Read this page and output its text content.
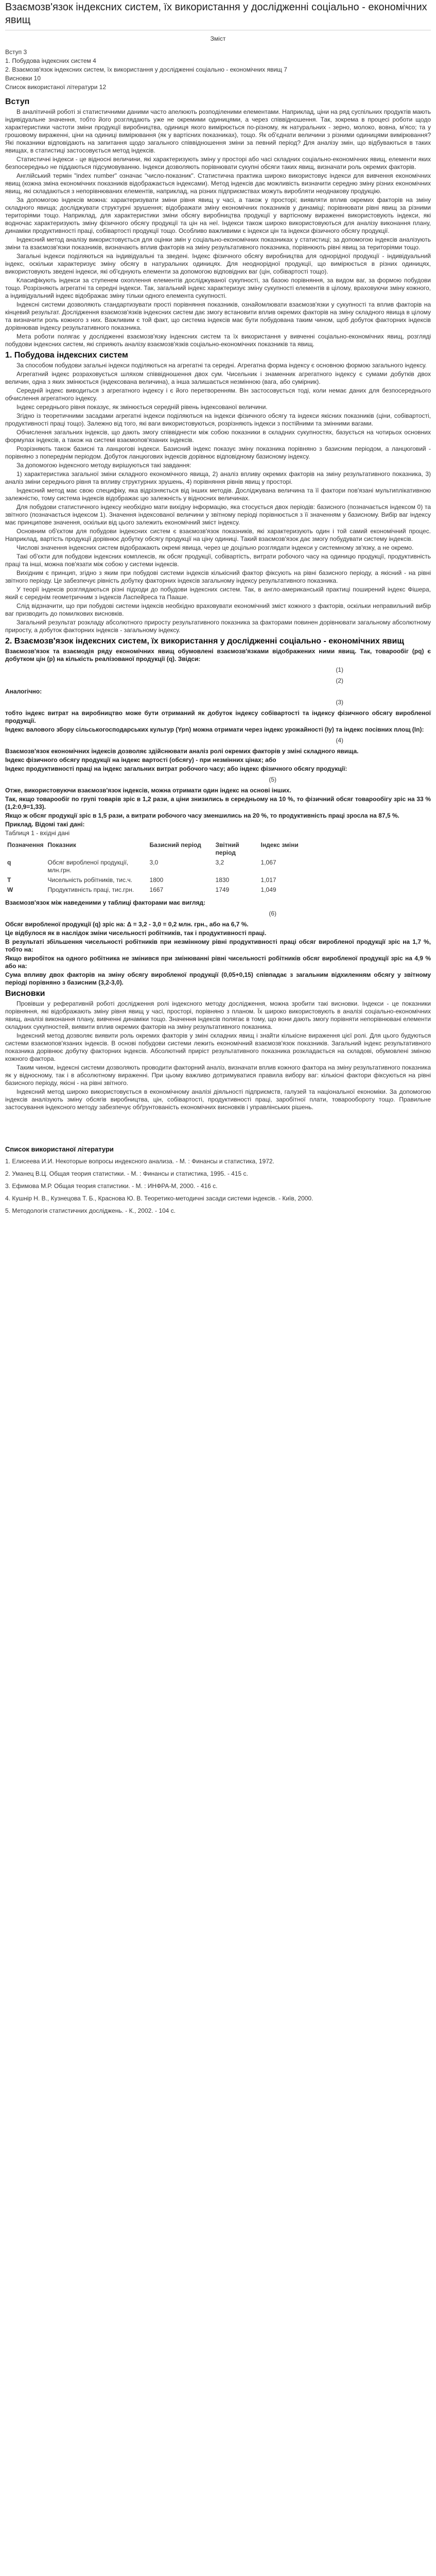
Взаємозв'язок індексних систем, їх використання у дослідженні соціально - економічних явищ
Зміст

Вступ 3

1. Побудова індексних систем 4

2. Взаємозв'язок індексних систем, їх використання у дослідженні соціально - економічних явищ 7

Висновки 10

Список використаної літератури 12

Вступ

В аналітичній роботі зі статистичними даними часто апелюють розподіленими елементами. Наприклад, ціни на ряд суспільних продуктів мають індивідуальне значення, тобто його розглядають уже не окремими одиницями, а через співвідношення. Так, зокрема в процесі роботи щодо характеристики частоти зміни продукції виробництва, одиниця якого вимірюється по-різному, як натуральних - зерно, молоко, вовна, м'ясо; та у грошовому вираженні, ціни на одиниці вимірювання (як у вартісних показниках), тощо. Як об'єднати величини з різними одиницями вимірювання? Які показники відповідають на запитання щодо загального співвідношення зміни за певний період? Для аналізу змін, що відбуваються в таких явищах, в статистиці застосовується метод індексів.

Статистичні індекси - це відносні величини, які характеризують зміну у просторі або часі складних соціально-економічних явищ, елементи яких безпосередньо не піддаються підсумовуванню. Індекси дозволяють порівнювати сукупні обсяги таких явищ, визначати роль окремих факторів.

Англійський термін "index number" означає "число-показник". Статистична практика широко використовує індекси для вивчення економічних явищ (кожна зміна економічних показників відображається індексами). Метод індексів дає можливість визначити середню зміну різних економічних явищ, які складаються з непорівнюваних елементів, наприклад, на різних підприємствах можуть виробляти неоднакову продукцію.

За допомогою індексів можна: характеризувати зміни рівня явищ у часі, а також у просторі; виявляти вплив окремих факторів на зміну складного явища; досліджувати структурні зрушення; відображати зміну економічних показників у динаміці; порівнювати рівні явищ за різними територіями тощо. Наприклад, для характеристики зміни обсягу виробництва продукції у вартісному вираженні використовують індекси, які водночас характеризують зміну фізичного обсягу продукції та цін на неї. Індекси також широко використовуються для аналізу виконання плану, динаміки продуктивності праці, собівартості продукції тощо. Особливо важливими є індекси цін та індекси фізичного обсягу продукції.

Індексний метод аналізу використовується для оцінки змін у соціально-економічних показниках у статистиці; за допомогою індексів аналізують зміни та взаємозв'язки показників, визначають вплив факторів на зміну результативного показника, порівнюють рівні явищ за територіями тощо.

Загальні індекси поділяються на індивідуальні та зведені. Індекс фізичного обсягу виробництва для однорідної продукції - індивідуальний індекс, оскільки характеризує зміну обсягу в натуральних одиницях. Для неоднорідної продукції, що вимірюється в різних одиницях, використовують зведені індекси, які об'єднують елементи за допомогою відповідних ваг (цін, собівартості тощо).

Класифікують індекси за ступенем охоплення елементів досліджуваної сукупності, за базою порівняння, за видом ваг, за формою побудови тощо. Розрізняють агрегатні та середні індекси. Так, загальний індекс характеризує зміну сукупності елементів в цілому, враховуючи зміну кожного, а індивідуальний індекс відображає зміну тільки одного елемента сукупності.

Індексні системи дозволяють стандартизувати прості порівняння показників, ознайомлювати взаємозв'язки у сукупності та вплив факторів на кінцевий результат. Дослідження взаємозв'язків індексних систем дає змогу встановити вплив окремих факторів на зміну складного явища в цілому та визначити роль кожного з них. Важливим є той факт, що система індексів має бути побудована таким чином, щоб добуток факторних індексів дорівнював індексу результативного показника.

Мета роботи полягає у дослідженні взаємозв'язку індексних систем та їх використання у вивченні соціально-економічних явищ, розгляді побудови індексних систем, які сприяють аналізу взаємозв'язків соціально-економічних показників та явищ.

1. Побудова індексних систем

За способом побудови загальні індекси поділяються на агрегатні та середні. Агрегатна форма індексу є основною формою загального індексу.

Агрегатний індекс розраховується шляхом співвідношення двох сум. Чисельник і знаменник агрегатного індексу є сумами добутків двох величин, одна з яких змінюється (індексована величина), а інша залишається незмінною (вага, або сумірник).

Середній індекс виводиться з агрегатного індексу і є його перетворенням. Він застосовується тоді, коли немає даних для безпосереднього обчислення агрегатного індексу.

Індекс середнього рівня показує, як змінюється середній рівень індексованої величини.

Згідно із теоретичними засадами агрегатні індекси поділяються на індекси фізичного обсягу та індекси якісних показників (ціни, собівартості, продуктивності праці тощо). Залежно від того, які ваги використовуються, розрізняють індекси з постійними та змінними вагами.

Обчислення загальних індексів, що дають змогу співвіднести між собою показники в складних сукупностях, базується на чотирьох основних формулах індексів, а також на системі взаємопов'язаних індексів.

Розрізняють також базисні та ланцюгові індекси. Базисний індекс показує зміну показника порівняно з базисним періодом, а ланцюговий - порівняно з попереднім періодом. Добуток ланцюгових індексів дорівнює відповідному базисному індексу.

За допомогою індексного методу вирішуються такі завдання:

1) характеристика загальної зміни складного економічного явища, 2) аналіз впливу окремих факторів на зміну результативного показника, 3) аналіз зміни середнього рівня та впливу структурних зрушень, 4) порівняння рівнів явищ у просторі.

Індексний метод має свою специфіку, яка відрізняється від інших методів. Досліджувана величина та її фактори пов'язані мультиплікативною залежністю, тому система індексів відображає цю залежність у відносних величинах.

Для побудови статистичного індексу необхідно мати вихідну інформацію, яка стосується двох періодів: базисного (позначається індексом 0) та звітного (позначається індексом 1). Значення індексованої величини у звітному періоді порівнюється з її значенням у базисному. Вибір ваг індексу має принципове значення, оскільки від цього залежить економічний зміст індексу.

Основним об'єктом для побудови індексних систем є взаємозв'язок показників, які характеризують один і той самий економічний процес. Наприклад, вартість продукції дорівнює добутку обсягу продукції на ціну одиниці. Такий взаємозв'язок дає змогу побудувати систему індексів.

Числові значення індексних систем відображають окремі явища, через це доцільно розглядати індекси у системному зв'язку, а не окремо.

Такі об'єкти для побудови індексних комплексів, як обсяг продукції, собівартість, витрати робочого часу на одиницю продукції, продуктивність праці та інші, можна пов'язати між собою у системи індексів.

Вихідним є принцип, згідно з яким при побудові системи індексів кількісний фактор фіксують на рівні базисного періоду, а якісний - на рівні звітного періоду. Це забезпечує рівність добутку факторних індексів загальному індексу результативного показника.

У теорії індексів розглядаються різні підходи до побудови індексних систем. Так, в англо-американській практиці поширений індекс Фішера, який є середнім геометричним з індексів Ласпейреса та Пааше.

Слід відзначити, що при побудові системи індексів необхідно враховувати економічний зміст кожного з факторів, оскільки неправильний вибір ваг призводить до помилкових висновків.

Загальний результат розкладу абсолютного приросту результативного показника за факторами повинен дорівнювати загальному абсолютному приросту, а добуток факторних індексів - загальному індексу.

2. Взаємозв'язок індексних систем, їх використання у дослідженні соціально - економічних явищ

Взаємозв'язок та взаємодія ряду економічних явищ обумовлені взаємозв'язками відображених ними явищ. Так, товарообіг (pq) є добутком цін (p) на кількість реалізованої продукції (q). Звідси:

(1)
(2)

Аналогічно:

(3)

тобто індекс витрат на виробництво може бути отриманий як добуток індексу собівартості та індексу фізичного обсягу виробленої продукції.

Індекс валового збору сільськогосподарських культур (Ypn) можна отримати через індекс урожайності (Iy) та індекс посівних площ (In):

(4)

Взаємозв'язок економічних індексів дозволяє здійснювати аналіз ролі окремих факторів у зміні складного явища.

Індекс фізичного обсягу продукції на індекс вартості (обсягу) - при незмінних цінах; або

Індекс продуктивності праці на індекс загальних витрат робочого часу; або індекс фізичного обсягу продукції:

(5)

Отже, використовуючи взаємозв'язок індексів, можна отримати один індекс на основі інших.

Так, якщо товарообіг по групі товарів зріс в 1,2 рази, а ціни знизились в середньому на 10 %, то фізичний обсяг товарообігу зріс на 33 % (1,2:0,9=1,33).

Якщо ж обсяг продукції зріс в 1,5 рази, а витрати робочого часу зменшились на 20 %, то продуктивність праці зросла на 87,5 %.

Приклад. Відомі такі дані:

Таблиця 1 - вхідні дані

Позначення	Показник	Базисний період	Звітний період	Індекс зміни
q	Обсяг виробленої продукції, млн.грн.	3,0	3,2	1,067
T	Чисельність робітників, тис.ч.	1800	1830	1,017
W	Продуктивність праці, тис.грн.	1667	1749	1,049

Взаємозв'язок між наведеними у таблиці факторами має вигляд:

(6)

Обсяг виробленої продукції (q) зріс на: Δ = 3,2 - 3,0 = 0,2 млн. грн., або на 6,7 %.

Це відбулося як в наслідок зміни чисельності робітників, так і продуктивності праці.

В результаті збільшення чисельності робітників при незмінному рівні продуктивності праці обсяг виробленої продукції зріс на 1,7 %, тобто на:

Якщо виробіток на одного робітника не змінився при змінюванні рівні чисельності робітників обсяг виробленої продукції зріс на 4,9 % або на:

Сума впливу двох факторів на зміну обсягу виробленої продукції (0,05+0,15) співпадає з загальним відхиленням обсягу у звітному періоді порівняно з базисним (3,2-3,0).

Висновки

Провівши у реферативній роботі дослідження ролі індексного методу дослідження, можна зробити такі висновки. Індекси - це показники порівняння, які відображають зміну рівня явищ у часі, просторі, порівняно з планом. Їх широко використовують в аналізі соціально-економічних явищ, аналізі виконання плану, вивченні динаміки тощо. Значення індексів полягає в тому, що вони дають змогу порівняти непорівнювані елементи складних сукупностей, виявити вплив окремих факторів на зміну результативного показника.

Індексний метод дозволяє виявити роль окремих факторів у зміні складних явищ і знайти кількісне вираження цієї ролі. Для цього будуються системи взаємопов'язаних індексів. В основі побудови системи лежить економічний взаємозв'язок показників. Загальний індекс результативного показника дорівнює добутку факторних індексів. Абсолютний приріст результативного показника розкладається на складові, обумовлені зміною кожного фактора.

Таким чином, індексні системи дозволяють проводити факторний аналіз, визначати вплив кожного фактора на зміну результативного показника як у відносному, так і в абсолютному вираженні. При цьому важливо дотримуватися правила вибору ваг: кількісні фактори фіксуються на рівні базисного періоду, якісні - на рівні звітного.

Індексний метод широко використовується в економічному аналізі діяльності підприємств, галузей та національної економіки. За допомогою індексів аналізують зміну обсягів виробництва, цін, собівартості, продуктивності праці, заробітної плати, товарообороту тощо. Правильне застосування індексного методу забезпечує обґрунтованість економічних висновків і управлінських рішень.

Список використаної літератури

1. Елисеева И.И. Некоторые вопросы индексного анализа. - М. : Финансы и статистика, 1972.

2. Уманец В.Ц. Общая теория статистики. - М. : Финансы и статистика, 1995. - 415 с.

3. Ефимова М.Р. Общая теория статистики. - М. : ИНФРА-М, 2000. - 416 с.

4. Кушнір Н. В., Кузнецова Т. Б., Краснова Ю. В. Теоретико-методичні засади системи індексів. - Київ, 2000.

5. Методологія статистичних досліджень. - К., 2002. - 104 с.
